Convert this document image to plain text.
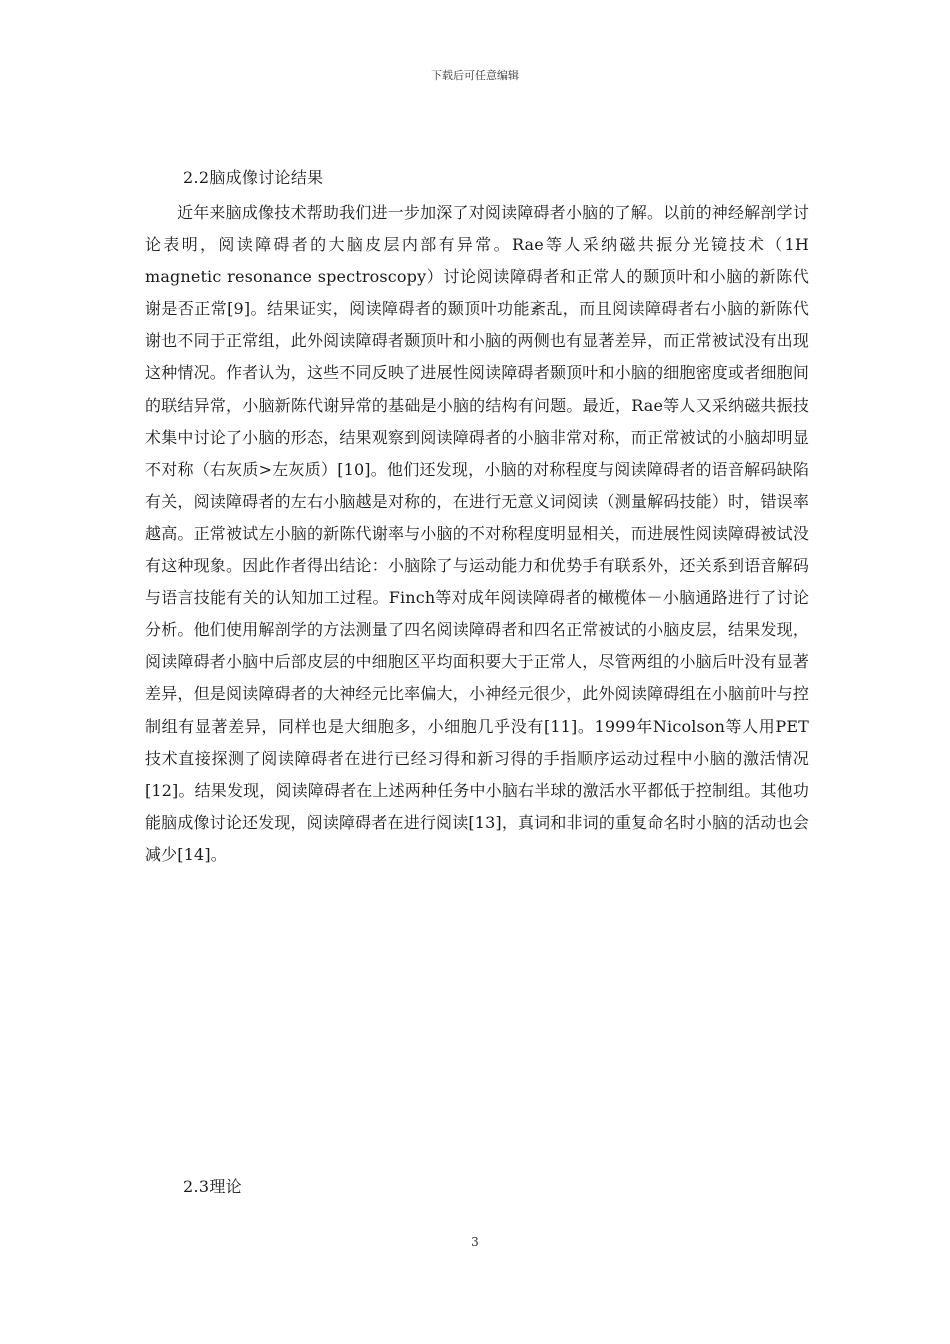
下载后可任意编辑
2.2脑成像讨论结果

近年来脑成像技术帮助我们进一步加深了对阅读障碍者小脑的了解。以前的神经解剖学讨论表明，阅读障碍者的大脑皮层内部有异常。Rae等人采纳磁共振分光镜技术（1H magnetic resonance spectroscopy）讨论阅读障碍者和正常人的颞顶叶和小脑的新陈代谢是否正常[9]。结果证实，阅读障碍者的颞顶叶功能紊乱，而且阅读障碍者右小脑的新陈代谢也不同于正常组，此外阅读障碍者颞顶叶和小脑的两侧也有显著差异，而正常被试没有出现这种情况。作者认为，这些不同反映了进展性阅读障碍者颞顶叶和小脑的细胞密度或者细胞间的联结异常，小脑新陈代谢异常的基础是小脑的结构有问题。最近，Rae等人又采纳磁共振技术集中讨论了小脑的形态，结果观察到阅读障碍者的小脑非常对称，而正常被试的小脑却明显不对称（右灰质>左灰质）[10]。他们还发现，小脑的对称程度与阅读障碍者的语音解码缺陷有关，阅读障碍者的左右小脑越是对称的，在进行无意义词阅读（测量解码技能）时，错误率越高。正常被试左小脑的新陈代谢率与小脑的不对称程度明显相关，而进展性阅读障碍被试没有这种现象。因此作者得出结论：小脑除了与运动能力和优势手有联系外，还关系到语音解码与语言技能有关的认知加工过程。Finch等对成年阅读障碍者的橄榄体－小脑通路进行了讨论分析。他们使用解剖学的方法测量了四名阅读障碍者和四名正常被试的小脑皮层，结果发现，阅读障碍者小脑中后部皮层的中细胞区平均面积要大于正常人，尽管两组的小脑后叶没有显著差异，但是阅读障碍者的大神经元比率偏大，小神经元很少，此外阅读障碍组在小脑前叶与控制组有显著差异，同样也是大细胞多，小细胞几乎没有[11]。1999年Nicolson等人用PET技术直接探测了阅读障碍者在进行已经习得和新习得的手指顺序运动过程中小脑的激活情况[12]。结果发现，阅读障碍者在上述两种任务中小脑右半球的激活水平都低于控制组。其他功能脑成像讨论还发现，阅读障碍者在进行阅读[13]，真词和非词的重复命名时小脑的活动也会减少[14]。

2.3理论
3
